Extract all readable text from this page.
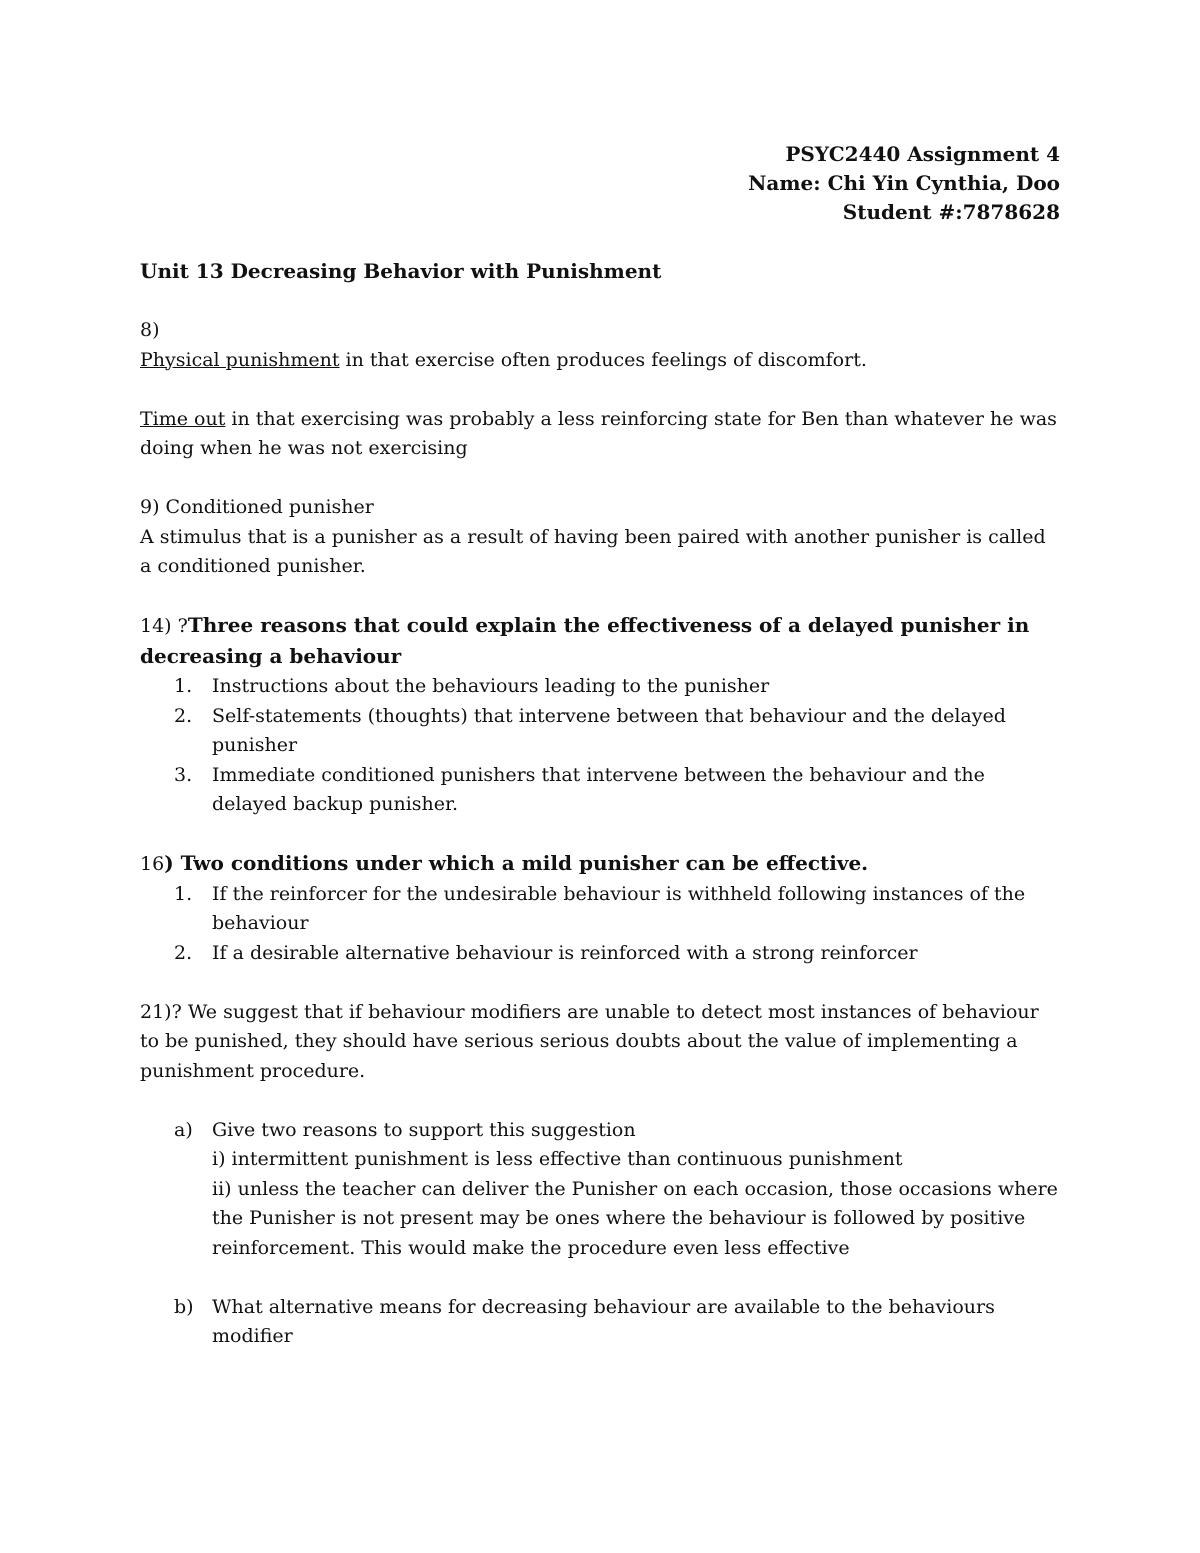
PSYC2440 Assignment 4
Name: Chi Yin Cynthia, Doo
Student #:7878628

Unit 13 Decreasing Behavior with Punishment

8)

Physical punishment in that exercise often produces feelings of discomfort.

Time out in that exercising was probably a less reinforcing state for Ben than whatever he was doing when he was not exercising

9) Conditioned punisher

A stimulus that is a punisher as a result of having been paired with another punisher is called a conditioned punisher.

14) ?Three reasons that could explain the effectiveness of a delayed punisher in decreasing a behaviour

1. Instructions about the behaviours leading to the punisher
2. Self-statements (thoughts) that intervene between that behaviour and the delayed punisher
3. Immediate conditioned punishers that intervene between the behaviour and the delayed backup punisher.

16) Two conditions under which a mild punisher can be effective.

1. If the reinforcer for the undesirable behaviour is withheld following instances of the behaviour
2. If a desirable alternative behaviour is reinforced with a strong reinforcer

21)? We suggest that if behaviour modifiers are unable to detect most instances of behaviour to be punished, they should have serious serious doubts about the value of implementing a punishment procedure.

a) Give two reasons to support this suggestion

i) intermittent punishment is less effective than continuous punishment

ii) unless the teacher can deliver the Punisher on each occasion, those occasions where the Punisher is not present may be ones where the behaviour is followed by positive reinforcement. This would make the procedure even less effective

b) What alternative means for decreasing behaviour are available to the behaviours modifier
